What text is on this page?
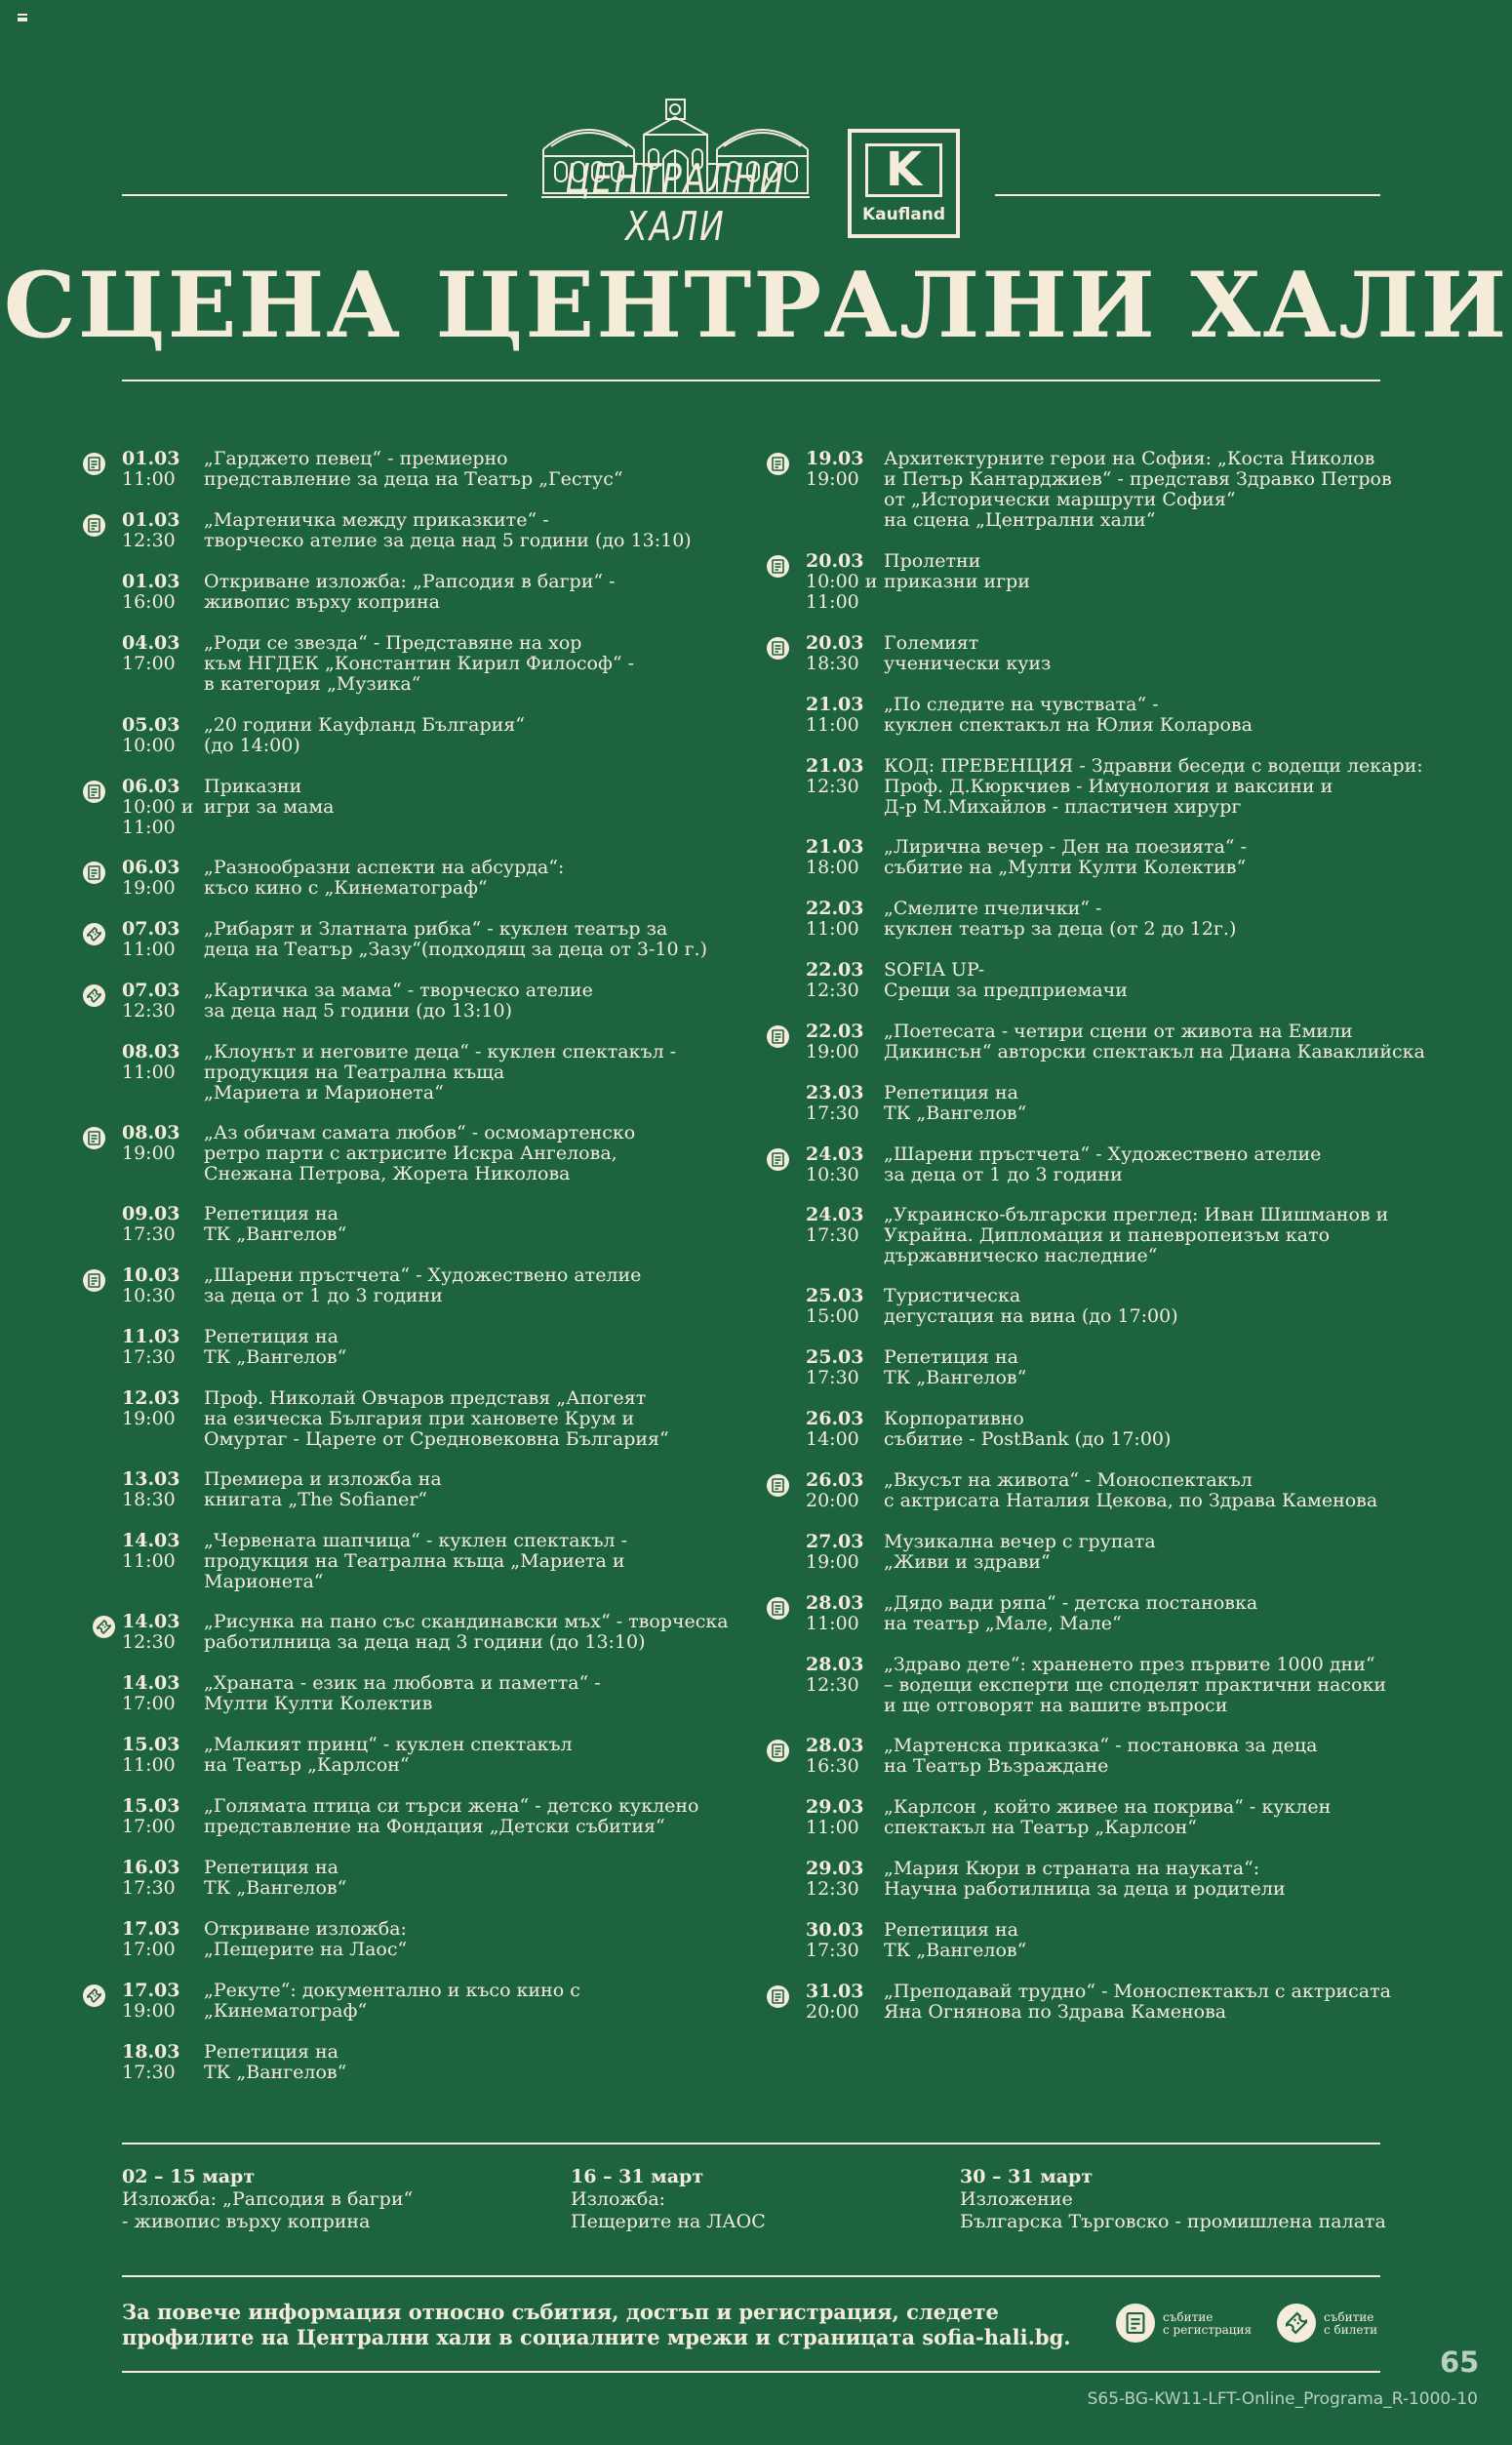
ЦЕНТРАЛНИ ХАЛИ
K
Kaufland
СЦЕНА ЦЕНТРАЛНИ ХАЛИ
01.03
11:00
„Гарджето певец“ - премиерно
представление за деца на Театър „Гестус“
01.03
12:30
„Мартеничка между приказките“ -
творческо ателие за деца над 5 години (до 13:10)
01.03
16:00
Откриване изложба: „Рапсодия в багри“ -
живопис върху коприна
04.03
17:00
„Роди се звезда“ - Представяне на хор
към НГДЕК „Константин Кирил Философ“ -
в категория „Музика“
05.03
10:00
„20 години Кауфланд България“
(до 14:00)
06.03
10:00 и
11:00
Приказни
игри за мама
06.03
19:00
„Разнообразни аспекти на абсурда“:
късо кино с „Кинематограф“
07.03
11:00
„Рибарят и Златната рибка“ - куклен театър за
деца на Театър „Зазу“(подходящ за деца от 3-10 г.)
07.03
12:30
„Картичка за мама“ - творческо ателие
за деца над 5 години (до 13:10)
08.03
11:00
„Клоунът и неговите деца“ - куклен спектакъл -
продукция на Театрална къща
„Мариета и Марионета“
08.03
19:00
„Аз обичам самата любов“ - осмомартенско
ретро парти с актрисите Искра Ангелова,
Снежана Петрова, Жорета Николова
09.03
17:30
Репетиция на
ТК „Вангелов“
10.03
10:30
„Шарени пръстчета“ - Художествено ателие
за деца от 1 до 3 години
11.03
17:30
Репетиция на
ТК „Вангелов“
12.03
19:00
Проф. Николай Овчаров представя „Апогеят
на езическа България при хановете Крум и
Омуртаг - Царете от Средновековна България“
13.03
18:30
Премиера и изложба на
книгата „The Sofianer“
14.03
11:00
„Червената шапчица“ - куклен спектакъл -
продукция на Театрална къща „Мариета и
Марионета“
14.03
12:30
„Рисунка на пано със скандинавски мъх“ - творческа
работилница за деца над 3 години (до 13:10)
14.03
17:00
„Храната - език на любовта и паметта“ -
Мулти Култи Колектив
15.03
11:00
„Малкият принц“ - куклен спектакъл
на Театър „Карлсон“
15.03
17:00
„Голямата птица си търси жена“ - детско куклено
представление на Фондация „Детски събития“
16.03
17:30
Репетиция на
ТК „Вангелов“
17.03
17:00
Откриване изложба:
„Пещерите на Лаос“
17.03
19:00
„Рекуте“: документално и късо кино с
„Кинематограф“
18.03
17:30
Репетиция на
ТК „Вангелов“
19.03
19:00
Архитектурните герои на София: „Коста Николов
и Петър Кантарджиев“ - представя Здравко Петров
от „Исторически маршрути София“
на сцена „Централни хали“
20.03
10:00 и
11:00
Пролетни
приказни игри
20.03
18:30
Големият
ученически куиз
21.03
11:00
„По следите на чувствата“ -
куклен спектакъл на Юлия Коларова
21.03
12:30
КОД: ПРЕВЕНЦИЯ - Здравни беседи с водещи лекари:
Проф. Д.Кюркчиев - Имунология и ваксини и
Д-р М.Михайлов - пластичен хирург
21.03
18:00
„Лирична вечер - Ден на поезията“ -
събитие на „Мулти Култи Колектив“
22.03
11:00
„Смелите пчелички“ -
куклен театър за деца (от 2 до 12г.)
22.03
12:30
SOFIA UP-
Срещи за предприемачи
22.03
19:00
„Поетесата - четири сцени от живота на Емили
Дикинсън“ авторски спектакъл на Диана Каваклийска
23.03
17:30
Репетиция на
ТК „Вангелов“
24.03
10:30
„Шарени пръстчета“ - Художествено ателие
за деца от 1 до 3 години
24.03
17:30
„Украинско-български преглед: Иван Шишманов и
Украйна. Дипломация и паневропеизъм като
държавническо наследние“
25.03
15:00
Туристическа
дегустация на вина (до 17:00)
25.03
17:30
Репетиция на
ТК „Вангелов“
26.03
14:00
Корпоративно
събитие - PostBank (до 17:00)
26.03
20:00
„Вкусът на живота“ - Моноспектакъл
с актрисата Наталия Цекова, по Здрава Каменова
27.03
19:00
Музикална вечер с групата
„Живи и здрави“
28.03
11:00
„Дядо вади ряпа“ - детска постановка
на театър „Мале, Мале“
28.03
12:30
„Здраво дете“: храненето през първите 1000 дни“
– водещи експерти ще споделят практични насоки
и ще отговорят на вашите въпроси
28.03
16:30
„Мартенска приказка“ - постановка за деца
на Театър Възраждане
29.03
11:00
„Карлсон , който живее на покрива“ - куклен
спектакъл на Театър „Карлсон“
29.03
12:30
„Мария Кюри в страната на науката“:
Научна работилница за деца и родители
30.03
17:30
Репетиция на
ТК „Вангелов“
31.03
20:00
„Преподавай трудно“ - Моноспектакъл с актрисата
Яна Огнянова по Здрава Каменова
02 – 15 март
Изложба: „Рапсодия в багри“
- живопис върху коприна
16 – 31 март
Изложба:
Пещерите на ЛАОС
30 – 31 март
Изложение
Българска Търговско - промишлена палата
За повече информация относно събития, достъп и регистрация, следете профилите на Централни хали в социалните мрежи и страницата sofia-hali.bg.
събитие
с регистрация
събитие
с билети
65
S65-BG-KW11-LFT-Online_Programa_R-1000-10
